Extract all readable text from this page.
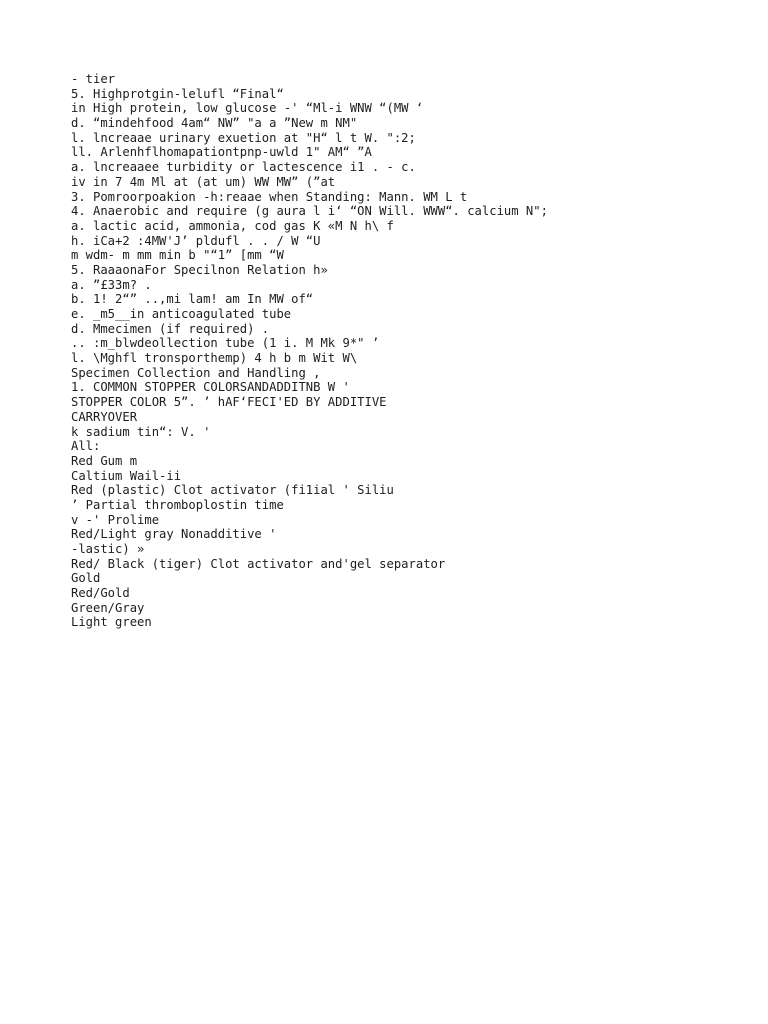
- tier
5. Highprotgin-lelufl “Final“
in High protein, low glucose -' “Ml-i WNW “(MW ‘
d. “mindehfood 4am“ NW” "a a ”New m NM"
l. lncreaae urinary exuetion at "H“ l t W. ":2;
ll. Arlenhflhomapationtpnp-uwld 1" AM“ ”A
a. lncreaaee turbidity or lactescence i1 . - c.
iv in 7 4m Ml at (at um) WW MW” (”at
3. Pomroorpoakion -h:reaae when Standing: Mann. WM L t
4. Anaerobic and require (g aura l i‘ “ON Will. WWW“. calcium N";
a. lactic acid, ammonia, cod gas K «M N h\ f
h. iCa+2 :4MW'J’ pldufl . . / W “U
m wdm- m mm min b "“1” [mm “W
5. RaaaonaFor Specilnon Relation h»
a. ”£33m? .
b. 1! 2“” ..,mi lam! am In MW of“
e. _m5__in anticoagulated tube
d. Mmecimen (if required) .
.. :m_blwdeollection tube (1 i. M Mk 9*" ’
l. \Mghfl tronsporthemp) 4 h b m Wit W\
Specimen Collection and Handling ,
1. COMMON STOPPER COLORSANDADDITNB W '
STOPPER COLOR 5”. ’ hAF‘FECI'ED BY ADDITIVE
CARRYOVER
k sadium tin“: V. '
All:
Red Gum m
Caltium Wail-ii
Red (plastic) Clot activator (fi1ial ' Siliu
’ Partial thromboplostin time
v -' Prolime
Red/Light gray Nonadditive '
-lastic) »
Red/ Black (tiger) Clot activator and'gel separator
Gold
Red/Gold
Green/Gray
Light green
